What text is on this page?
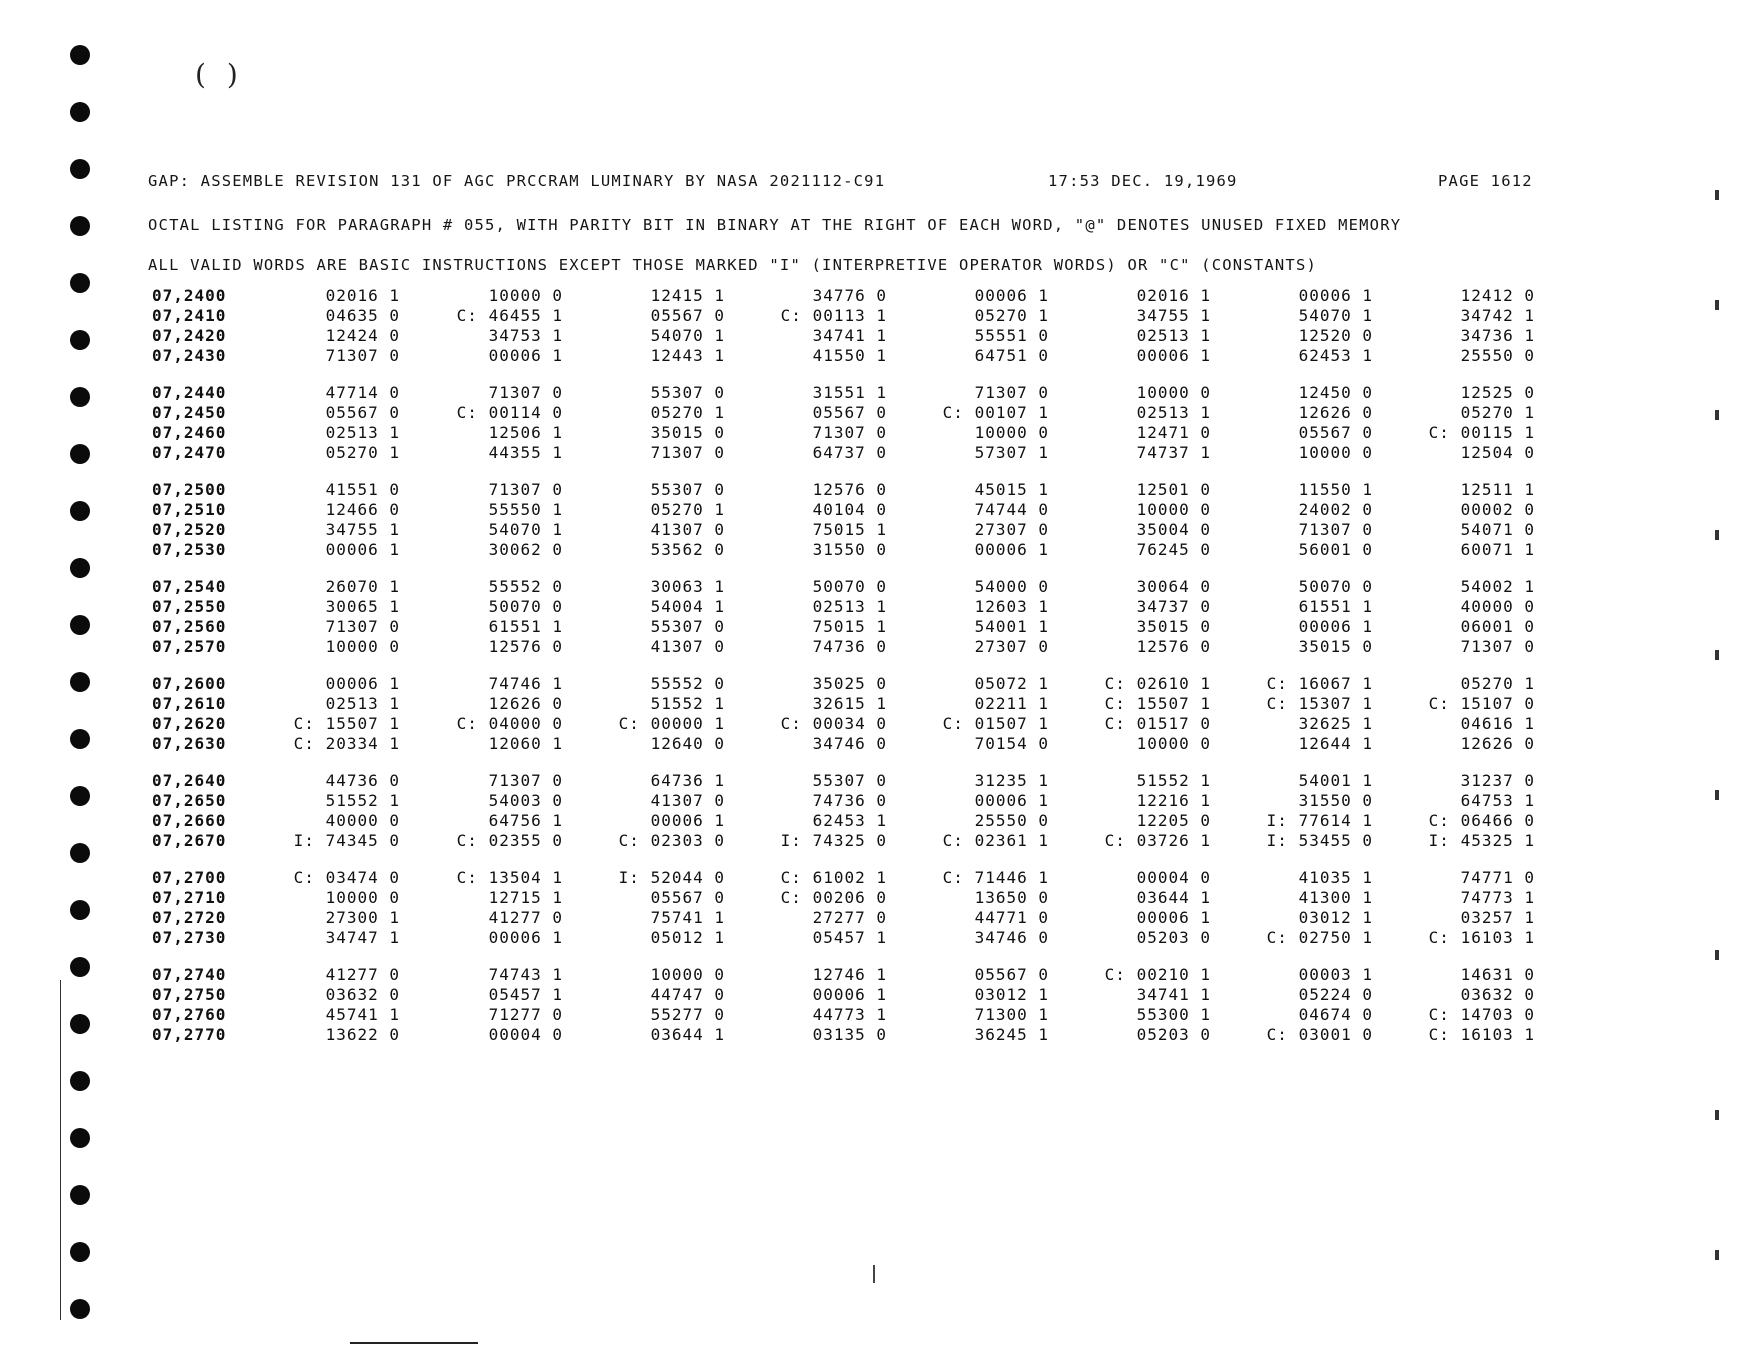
( )
GAP: ASSEMBLE REVISION 131 OF AGC PRCCRAM LUMINARY BY NASA 2021112-C91	17:53 DEC. 19,1969	PAGE 1612
OCTAL LISTING FOR PARAGRAPH # 055, WITH PARITY BIT IN BINARY AT THE RIGHT OF EACH WORD, "@" DENOTES UNUSED FIXED MEMORY
ALL VALID WORDS ARE BASIC INSTRUCTIONS EXCEPT THOSE MARKED "I" (INTERPRETIVE OPERATOR WORDS) OR "C" (CONSTANTS)
07,2400	02016 1	10000 0	12415 1	34776 0	00006 1	02016 1	00006 1	12412 0
07,2410	04635 0	C: 46455 1	05567 0	C: 00113 1	05270 1	34755 1	54070 1	34742 1
07,2420	12424 0	34753 1	54070 1	34741 1	55551 0	02513 1	12520 0	34736 1
07,2430	71307 0	00006 1	12443 1	41550 1	64751 0	00006 1	62453 1	25550 0
07,2440	47714 0	71307 0	55307 0	31551 1	71307 0	10000 0	12450 0	12525 0
07,2450	05567 0	C: 00114 0	05270 1	05567 0	C: 00107 1	02513 1	12626 0	05270 1
07,2460	02513 1	12506 1	35015 0	71307 0	10000 0	12471 0	05567 0	C: 00115 1
07,2470	05270 1	44355 1	71307 0	64737 0	57307 1	74737 1	10000 0	12504 0
07,2500	41551 0	71307 0	55307 0	12576 0	45015 1	12501 0	11550 1	12511 1
07,2510	12466 0	55550 1	05270 1	40104 0	74744 0	10000 0	24002 0	00002 0
07,2520	34755 1	54070 1	41307 0	75015 1	27307 0	35004 0	71307 0	54071 0
07,2530	00006 1	30062 0	53562 0	31550 0	00006 1	76245 0	56001 0	60071 1
07,2540	26070 1	55552 0	30063 1	50070 0	54000 0	30064 0	50070 0	54002 1
07,2550	30065 1	50070 0	54004 1	02513 1	12603 1	34737 0	61551 1	40000 0
07,2560	71307 0	61551 1	55307 0	75015 1	54001 1	35015 0	00006 1	06001 0
07,2570	10000 0	12576 0	41307 0	74736 0	27307 0	12576 0	35015 0	71307 0
07,2600	00006 1	74746 1	55552 0	35025 0	05072 1	C: 02610 1	C: 16067 1	05270 1
07,2610	02513 1	12626 0	51552 1	32615 1	02211 1	C: 15507 1	C: 15307 1	C: 15107 0
07,2620	C: 15507 1	C: 04000 0	C: 00000 1	C: 00034 0	C: 01507 1	C: 01517 0	32625 1	04616 1
07,2630	C: 20334 1	12060 1	12640 0	34746 0	70154 0	10000 0	12644 1	12626 0
07,2640	44736 0	71307 0	64736 1	55307 0	31235 1	51552 1	54001 1	31237 0
07,2650	51552 1	54003 0	41307 0	74736 0	00006 1	12216 1	31550 0	64753 1
07,2660	40000 0	64756 1	00006 1	62453 1	25550 0	12205 0	I: 77614 1	C: 06466 0
07,2670	I: 74345 0	C: 02355 0	C: 02303 0	I: 74325 0	C: 02361 1	C: 03726 1	I: 53455 0	I: 45325 1
07,2700	C: 03474 0	C: 13504 1	I: 52044 0	C: 61002 1	C: 71446 1	00004 0	41035 1	74771 0
07,2710	10000 0	12715 1	05567 0	C: 00206 0	13650 0	03644 1	41300 1	74773 1
07,2720	27300 1	41277 0	75741 1	27277 0	44771 0	00006 1	03012 1	03257 1
07,2730	34747 1	00006 1	05012 1	05457 1	34746 0	05203 0	C: 02750 1	C: 16103 1
07,2740	41277 0	74743 1	10000 0	12746 1	05567 0	C: 00210 1	00003 1	14631 0
07,2750	03632 0	05457 1	44747 0	00006 1	03012 1	34741 1	05224 0	03632 0
07,2760	45741 1	71277 0	55277 0	44773 1	71300 1	55300 1	04674 0	C: 14703 0
07,2770	13622 0	00004 0	03644 1	03135 0	36245 1	05203 0	C: 03001 0	C: 16103 1
